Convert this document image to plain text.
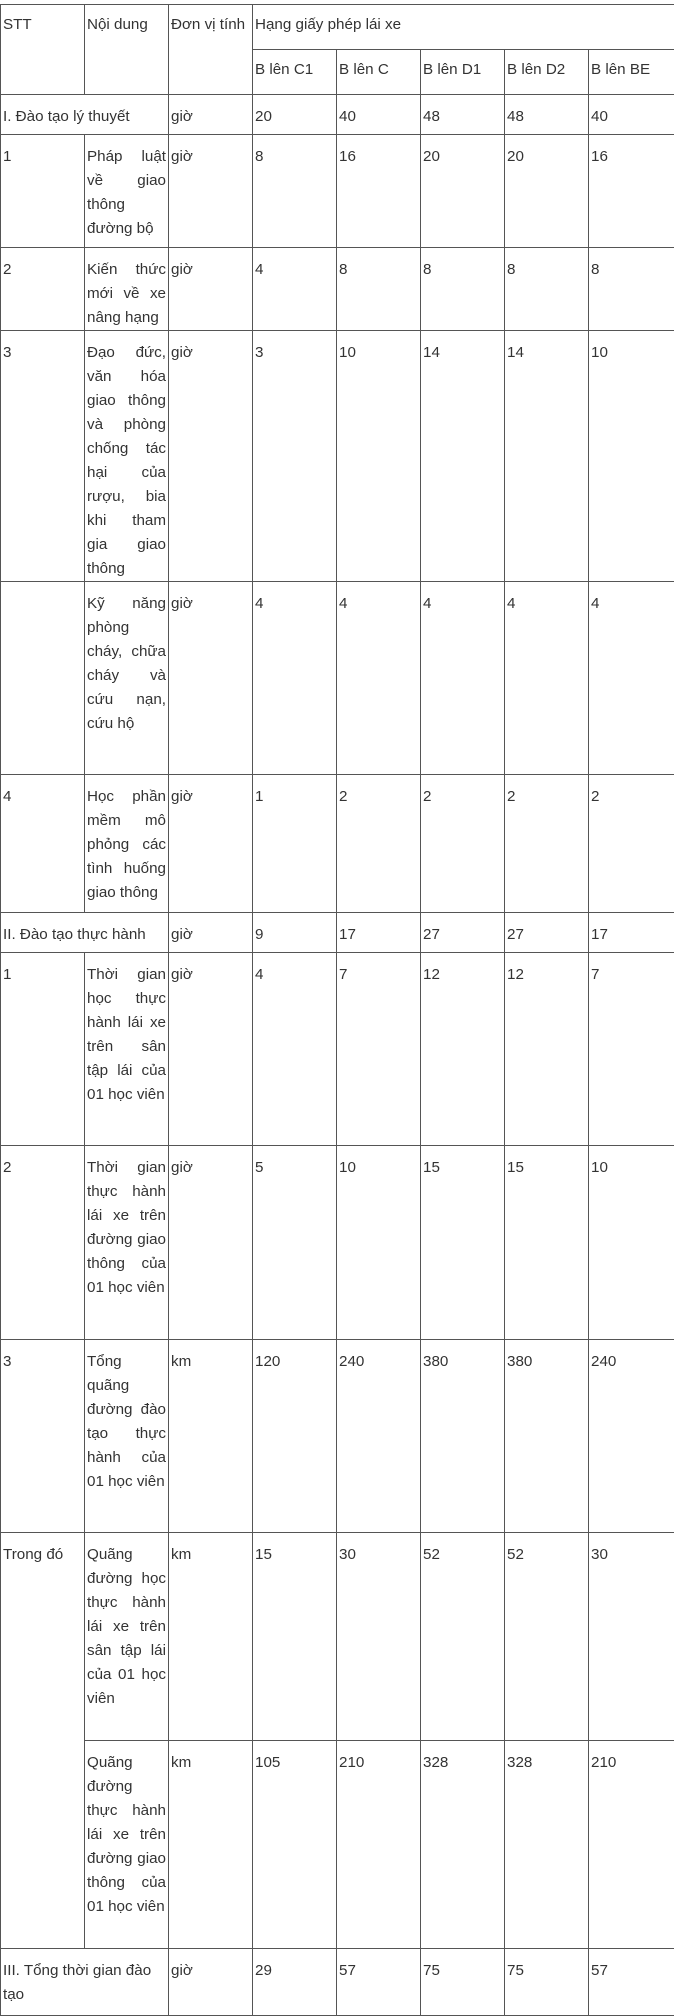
STT	Nội dung	Đơn vị tính	Hạng giấy phép lái xe				
			B lên C1	B lên C	B lên D1	B lên D2	B lên BE
I. Đào tạo lý thuyết		giờ	20	40	48	48	40
1	Pháp luật về giao thông đường bộ	giờ	8	16	20	20	16
2	Kiến thức mới về xe nâng hạng	giờ	4	8	8	8	8
3	Đạo đức, văn hóa giao thông và phòng chống tác hại của rượu, bia khi tham gia giao thông	giờ	3	10	14	14	10
	Kỹ năng phòng cháy, chữa cháy và cứu nạn, cứu hộ	giờ	4	4	4	4	4
4	Học phần mềm mô phỏng các tình huống giao thông	giờ	1	2	2	2	2
II. Đào tạo thực hành		giờ	9	17	27	27	17
1	Thời gian học thực hành lái xe trên sân tập lái của 01 học viên	giờ	4	7	12	12	7
2	Thời gian thực hành lái xe trên đường giao thông của 01 học viên	giờ	5	10	15	15	10
3	Tổng quãng đường đào tạo thực hành của 01 học viên	km	120	240	380	380	240
Trong đó	Quãng đường học thực hành lái xe trên sân tập lái của 01 học viên	km	15	30	52	52	30
	Quãng đường thực hành lái xe trên đường giao thông của 01 học viên	km	105	210	328	328	210
III. Tổng thời gian đào tạo		giờ	29	57	75	75	57
